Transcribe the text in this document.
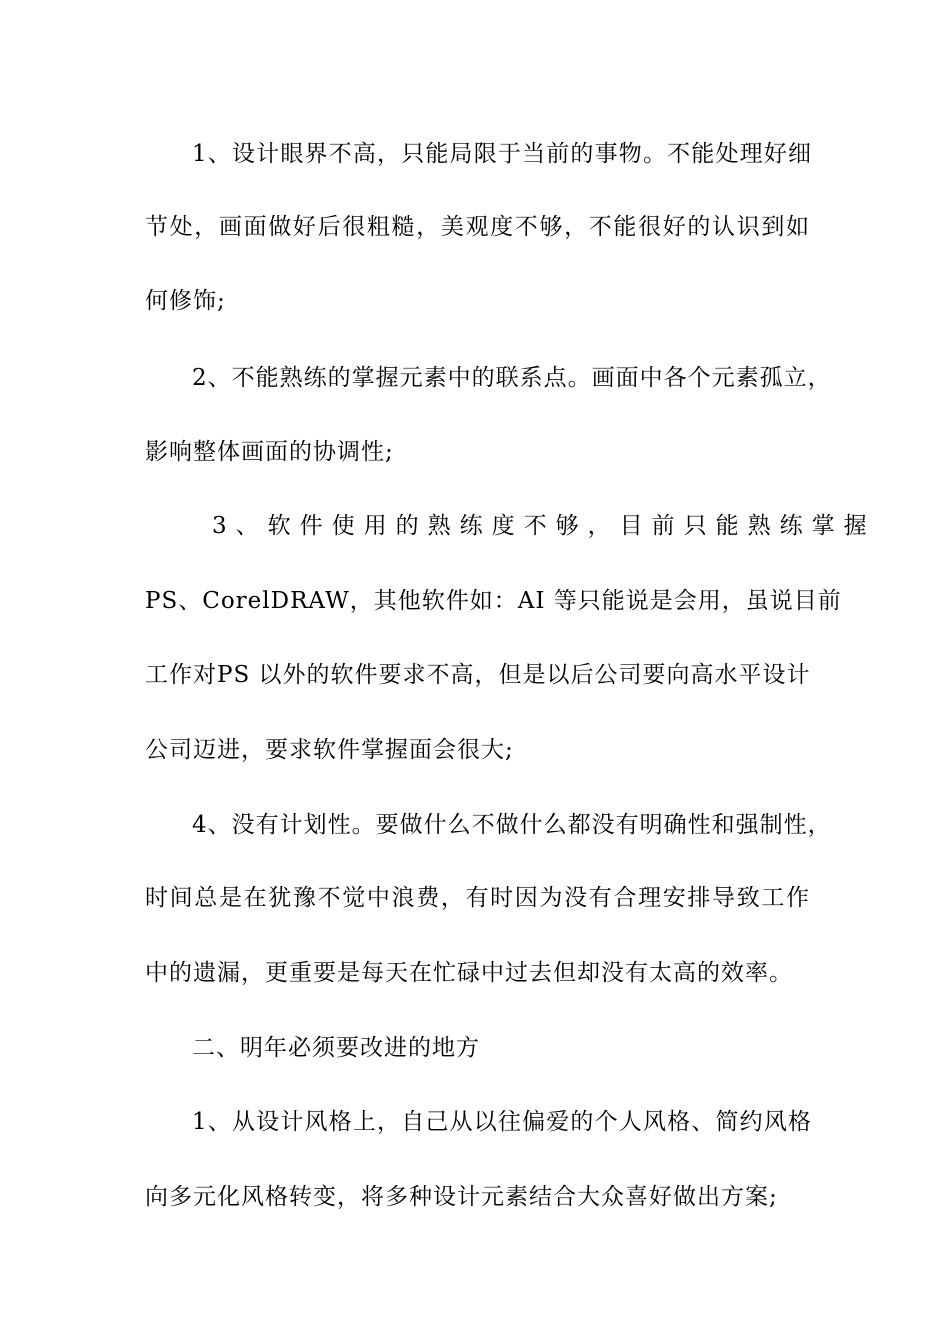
1、设计眼界不高，只能局限于当前的事物。不能处理好细
节处，画面做好后很粗糙，美观度不够，不能很好的认识到如
何修饰;
2、不能熟练的掌握元素中的联系点。画面中各个元素孤立，
影响整体画面的协调性;
3、软件使用的熟练度不够，目前只能熟练掌握
PS、CorelDRAW，其他软件如：AI 等只能说是会用，虽说目前
工作对PS 以外的软件要求不高，但是以后公司要向高水平设计
公司迈进，要求软件掌握面会很大;
4、没有计划性。要做什么不做什么都没有明确性和强制性，
时间总是在犹豫不觉中浪费，有时因为没有合理安排导致工作
中的遗漏，更重要是每天在忙碌中过去但却没有太高的效率。
二、明年必须要改进的地方
1、从设计风格上，自己从以往偏爱的个人风格、简约风格
向多元化风格转变，将多种设计元素结合大众喜好做出方案;
